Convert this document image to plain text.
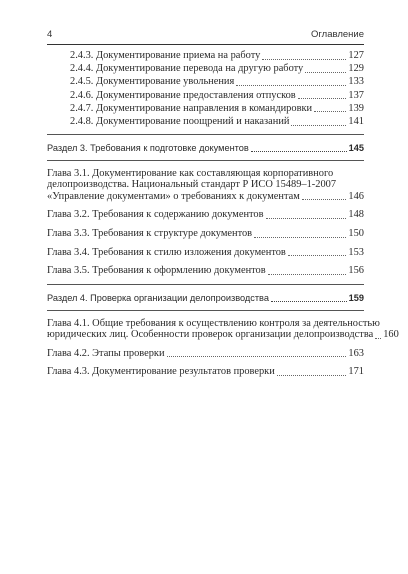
4	Оглавление
2.4.3. Документирование приема на работу	127
2.4.4. Документирование перевода на другую работу	129
2.4.5. Документирование увольнения	133
2.4.6. Документирование предоставления отпусков	137
2.4.7. Документирование направления в командировки	139
2.4.8. Документирование поощрений и наказаний	141
Раздел 3. Требования к подготовке документов	145
Глава 3.1. Документирование как составляющая корпоративного
делопроизводства. Национальный стандарт Р ИСО 15489–1-2007
«Управление документами» о требованиях к документам	146
Глава 3.2. Требования к содержанию документов	148
Глава 3.3. Требования к структуре документов	150
Глава 3.4. Требования к стилю изложения документов	153
Глава 3.5. Требования к оформлению документов	156
Раздел 4. Проверка организации делопроизводства	159
Глава 4.1. Общие требования к осуществлению контроля за деятельностью
юридических лиц. Особенности проверок организации делопроизводства 160
Глава 4.2. Этапы проверки	163
Глава 4.3. Документирование результатов проверки	171
